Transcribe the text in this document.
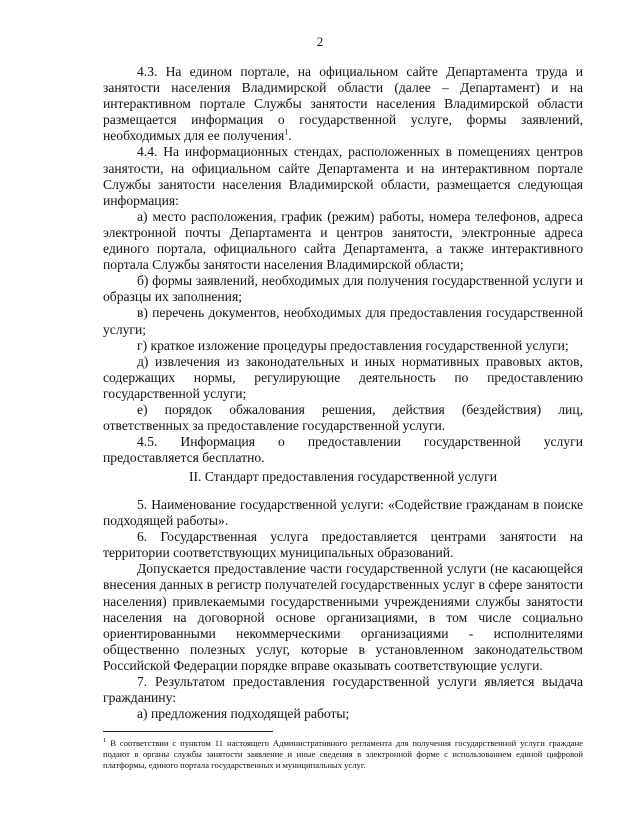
2

4.3. На едином портале, на официальном сайте Департамента труда и занятости населения Владимирской области (далее – Департамент) и на интерактивном портале Службы занятости населения Владимирской области размещается информация о государственной услуге, формы заявлений, необходимых для ее получения$^1$.

4.4. На информационных стендах, расположенных в помещениях центров занятости, на официальном сайте Департамента и на интерактивном портале Службы занятости населения Владимирской области, размещается следующая информация:

а) место расположения, график (режим) работы, номера телефонов, адреса электронной почты Департамента и центров занятости, электронные адреса единого портала, официального сайта Департамента, а также интерактивного портала Службы занятости населения Владимирской области;

б) формы заявлений, необходимых для получения государственной услуги и образцы их заполнения;

в) перечень документов, необходимых для предоставления государственной услуги;

г) краткое изложение процедуры предоставления государственной услуги;

д) извлечения из законодательных и иных нормативных правовых актов, содержащих нормы, регулирующие деятельность по предоставлению государственной услуги;

е) порядок обжалования решения, действия (бездействия) лиц, ответственных за предоставление государственной услуги.

4.5. Информация о предоставлении государственной услуги предоставляется бесплатно.

II. Стандарт предоставления государственной услуги

5. Наименование государственной услуги: «Содействие гражданам в поиске подходящей работы».

6. Государственная услуга предоставляется центрами занятости на территории соответствующих муниципальных образований.

Допускается предоставление части государственной услуги (не касающейся внесения данных в регистр получателей государственных услуг в сфере занятости населения) привлекаемыми государственными учреждениями службы занятости населения на договорной основе организациями, в том числе социально ориентированными некоммерческими организациями - исполнителями общественно полезных услуг, которые в установленном законодательством Российской Федерации порядке вправе оказывать соответствующие услуги.

7. Результатом предоставления государственной услуги является выдача гражданину:

а) предложения подходящей работы;

$^1$ В соответствии с пунктом 11 настоящего Административного регламента для получения государственной услуги граждане подают в органы службы занятости заявление и иные сведения в электронной форме с использованием единой цифровой платформы, единого портала государственных и муниципальных услуг.
